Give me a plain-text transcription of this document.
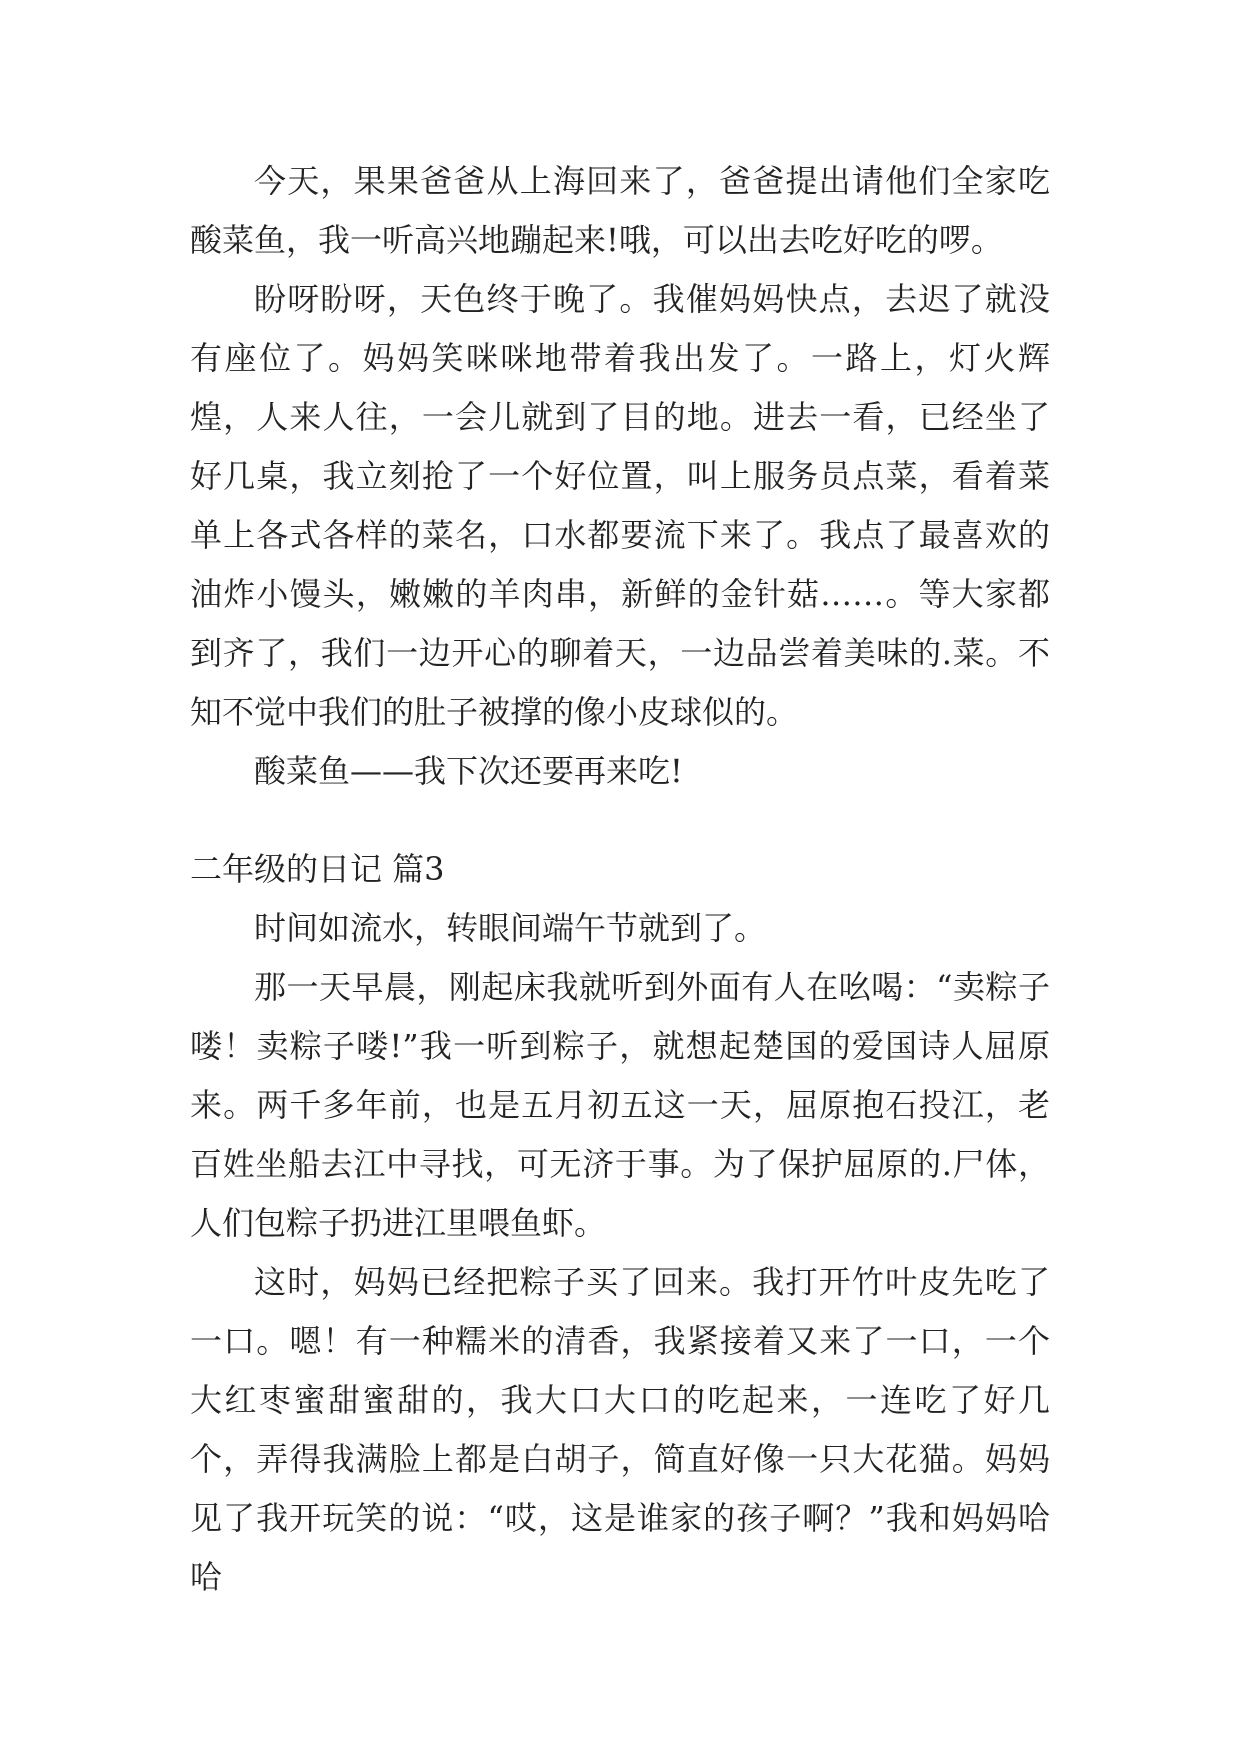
今天，果果爸爸从上海回来了，爸爸提出请他们全家吃酸菜鱼，我一听高兴地蹦起来!哦，可以出去吃好吃的啰。

盼呀盼呀，天色终于晚了。我催妈妈快点，去迟了就没有座位了。妈妈笑咪咪地带着我出发了。一路上，灯火辉煌，人来人往，一会儿就到了目的地。进去一看，已经坐了好几桌，我立刻抢了一个好位置，叫上服务员点菜，看着菜单上各式各样的菜名，口水都要流下来了。我点了最喜欢的油炸小馒头，嫩嫩的羊肉串，新鲜的金针菇……。等大家都到齐了，我们一边开心的聊着天，一边品尝着美味的.菜。不知不觉中我们的肚子被撑的像小皮球似的。

酸菜鱼——我下次还要再来吃!

二年级的日记 篇3

时间如流水，转眼间端午节就到了。

那一天早晨，刚起床我就听到外面有人在吆喝：“卖粽子喽！卖粽子喽!”我一听到粽子，就想起楚国的爱国诗人屈原来。两千多年前，也是五月初五这一天，屈原抱石投江，老百姓坐船去江中寻找，可无济于事。为了保护屈原的.尸体，人们包粽子扔进江里喂鱼虾。

这时，妈妈已经把粽子买了回来。我打开竹叶皮先吃了一口。嗯！有一种糯米的清香，我紧接着又来了一口，一个大红枣蜜甜蜜甜的，我大口大口的吃起来，一连吃了好几个，弄得我满脸上都是白胡子，简直好像一只大花猫。妈妈见了我开玩笑的说：“哎，这是谁家的孩子啊？”我和妈妈哈哈
